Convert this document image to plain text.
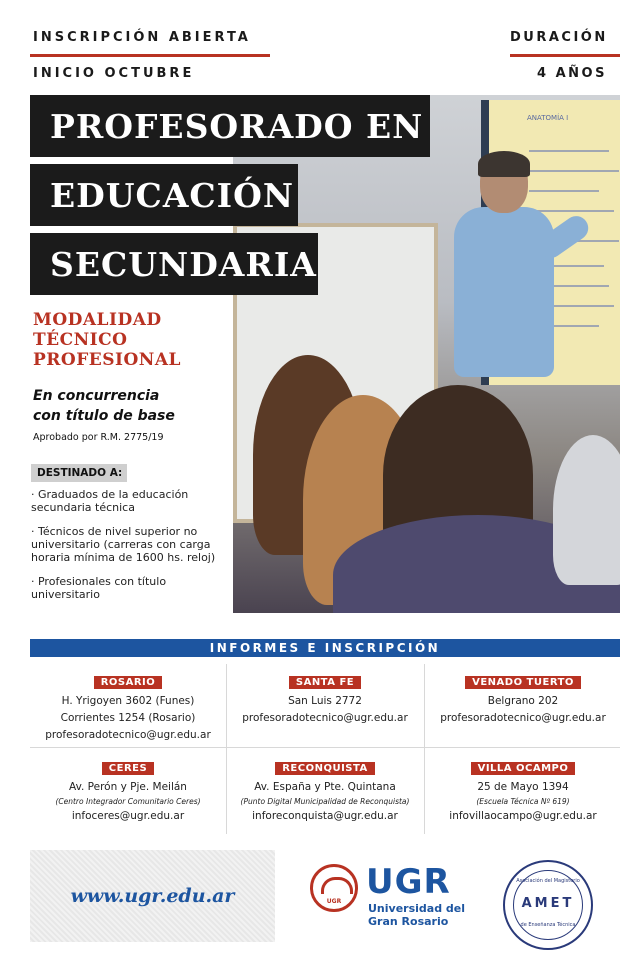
INSCRIPCIÓN ABIERTA
INICIO OCTUBRE
DURACIÓN
4 AÑOS
ANATOMÍA I
PROFESORADO EN
EDUCACIÓN
SECUNDARIA
MODALIDAD
TÉCNICO
PROFESIONAL
En concurrencia
con título de base
Aprobado por R.M. 2775/19
DESTINADO A:
· Graduados de la educación secundaria técnica
· Técnicos de nivel superior no universitario (carreras con carga horaria mínima de 1600 hs. reloj)
· Profesionales con título universitario
INFORMES E INSCRIPCIÓN
ROSARIO
H. Yrigoyen 3602 (Funes)
Corrientes 1254 (Rosario)
profesoradotecnico@ugr.edu.ar
SANTA FE
San Luis 2772
profesoradotecnico@ugr.edu.ar
VENADO TUERTO
Belgrano 202
profesoradotecnico@ugr.edu.ar
CERES
Av. Perón y Pje. Meilán
(Centro Integrador Comunitario Ceres)
infoceres@ugr.edu.ar
RECONQUISTA
Av. España y Pte. Quintana
(Punto Digital Municipalidad de Reconquista)
inforeconquista@ugr.edu.ar
VILLA OCAMPO
25 de Mayo 1394
(Escuela Técnica Nº 619)
infovillaocampo@ugr.edu.ar
www.ugr.edu.ar	UGR UGR
Universidad del
Gran Rosario
Asociación del Magisterio
AMET
de Enseñanza Técnica
